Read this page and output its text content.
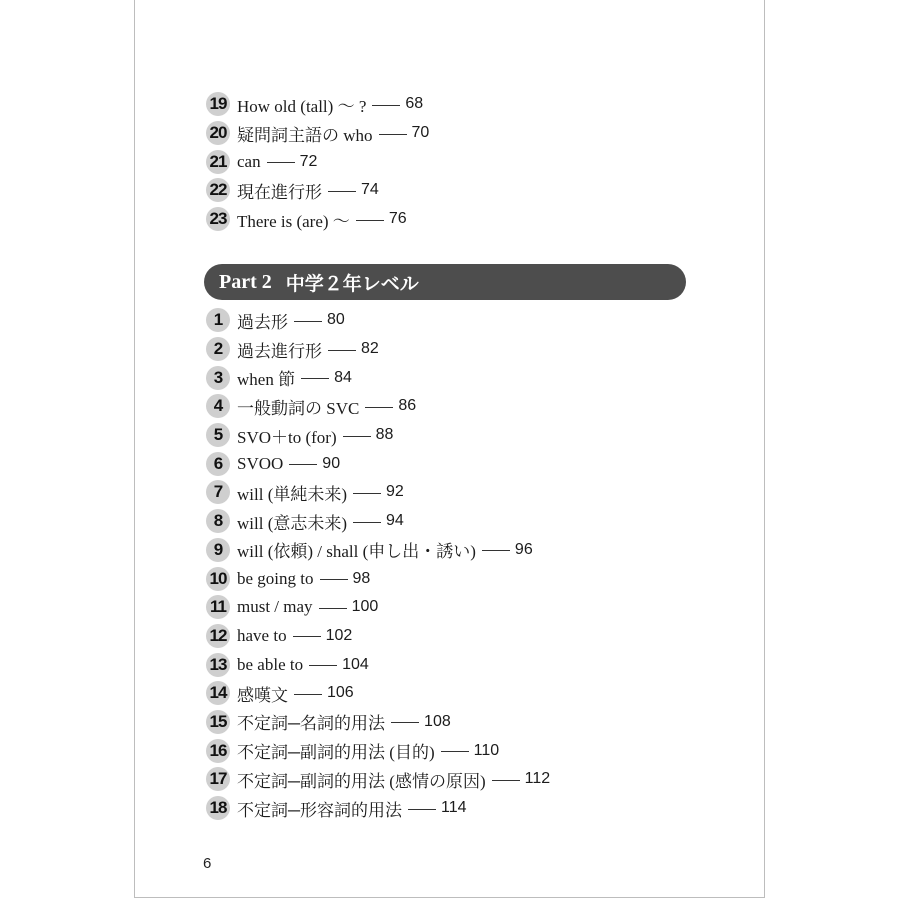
19 How old (tall) ～ ? 68
20 疑問詞主語の who 70
21 can 72
22 現在進行形 74
23 There is (are) ～ 76
Part 2 中学２年レベル
1 過去形 80
2 過去進行形 82
3 when 節 84
4 一般動詞の SVC 86
5 SVO＋to (for) 88
6 SVOO 90
7 will (単純未来) 92
8 will (意志未来) 94
9 will (依頼) / shall (申し出・誘い) 96
10 be going to 98
11 must / may 100
12 have to 102
13 be able to 104
14 感嘆文 106
15 不定詞─名詞的用法 108
16 不定詞─副詞的用法 (目的) 110
17 不定詞─副詞的用法 (感情の原因) 112
18 不定詞─形容詞的用法 114
6
